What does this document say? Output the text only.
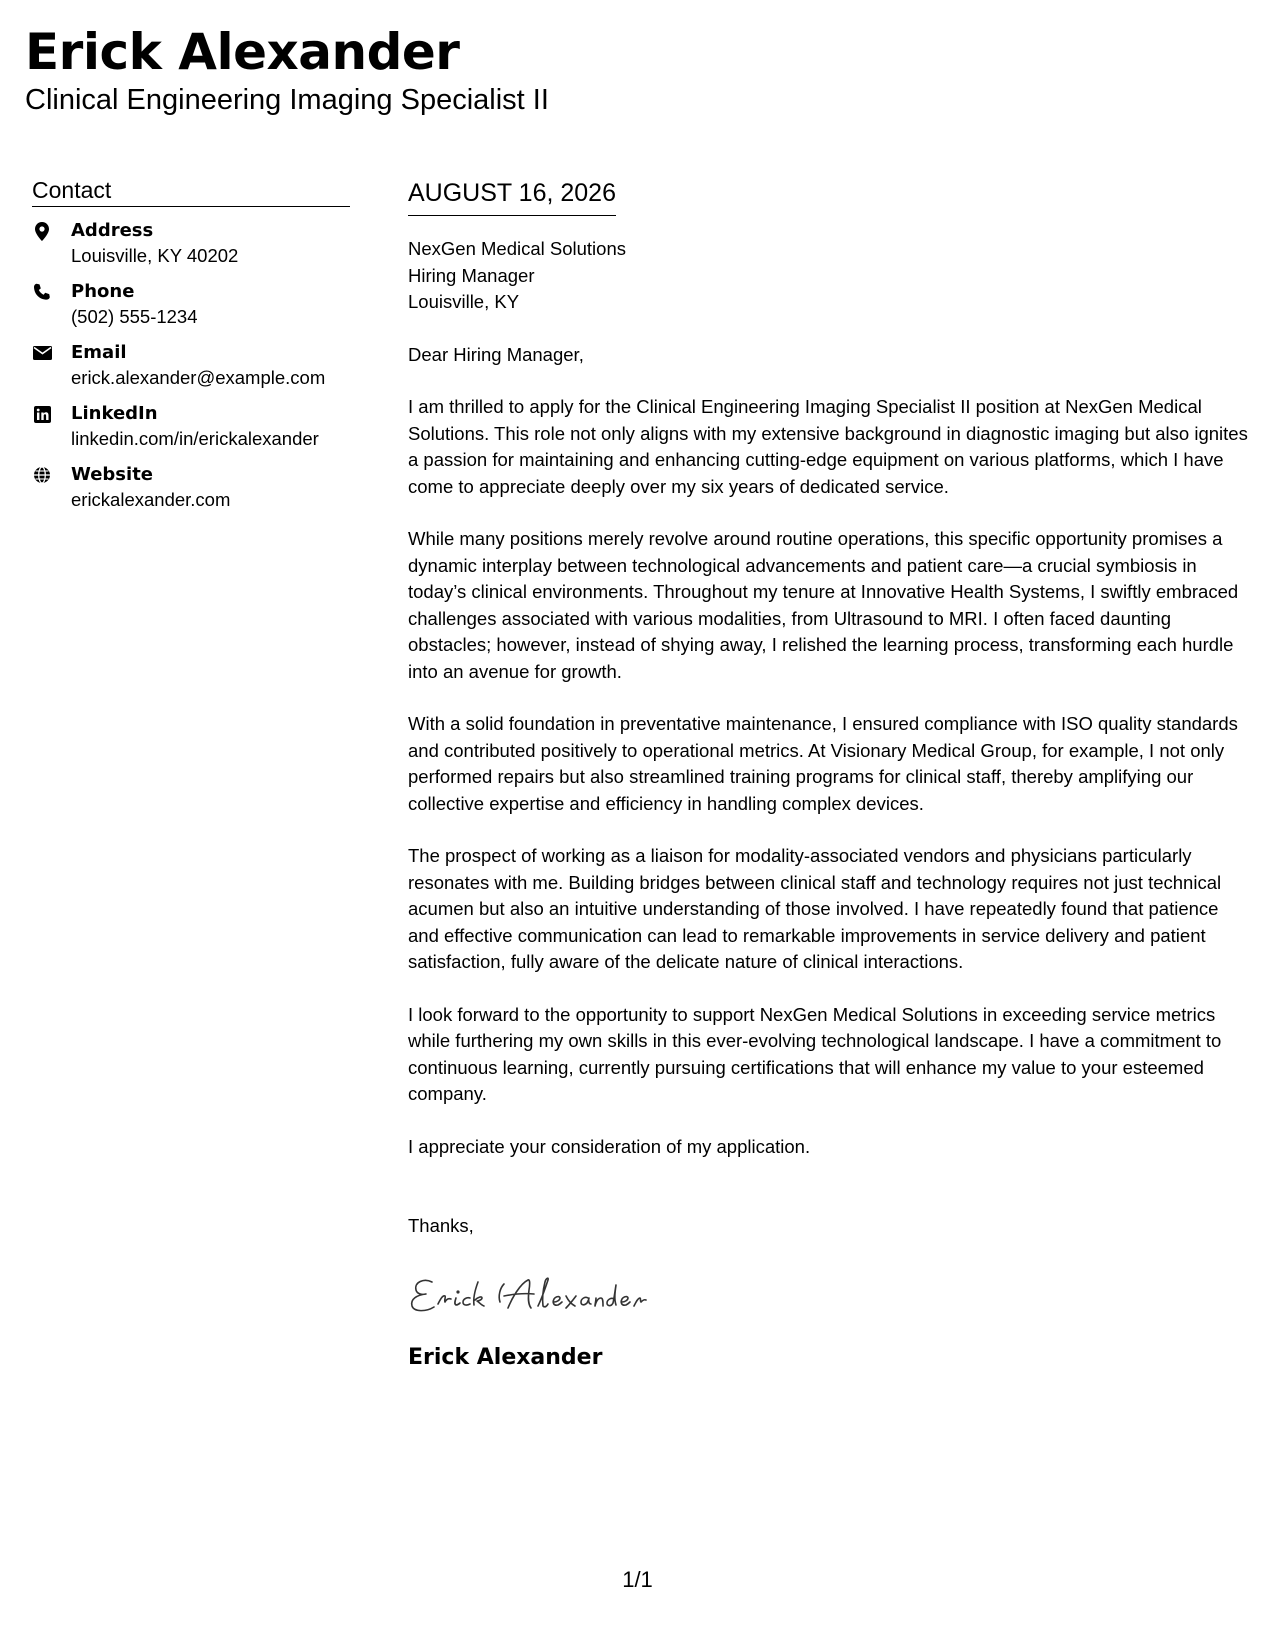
Erick Alexander
Clinical Engineering Imaging Specialist II
Contact
Address
Louisville, KY 40202
Phone
(502) 555-1234
Email
erick.alexander@example.com
LinkedIn
linkedin.com/in/erickalexander
Website
erickalexander.com
AUGUST 16, 2026
NexGen Medical Solutions
Hiring Manager
Louisville, KY
Dear Hiring Manager,

I am thrilled to apply for the Clinical Engineering Imaging Specialist II position at NexGen Medical Solutions. This role not only aligns with my extensive background in diagnostic imaging but also ignites a passion for maintaining and enhancing cutting-edge equipment on various platforms, which I have come to appreciate deeply over my six years of dedicated service.

While many positions merely revolve around routine operations, this specific opportunity promises a dynamic interplay between technological advancements and patient care—a crucial symbiosis in today’s clinical environments. Throughout my tenure at Innovative Health Systems, I swiftly embraced challenges associated with various modalities, from Ultrasound to MRI. I often faced daunting obstacles; however, instead of shying away, I relished the learning process, transforming each hurdle into an avenue for growth.

With a solid foundation in preventative maintenance, I ensured compliance with ISO quality standards and contributed positively to operational metrics. At Visionary Medical Group, for example, I not only performed repairs but also streamlined training programs for clinical staff, thereby amplifying our collective expertise and efficiency in handling complex devices.

The prospect of working as a liaison for modality-associated vendors and physicians particularly resonates with me. Building bridges between clinical staff and technology requires not just technical acumen but also an intuitive understanding of those involved. I have repeatedly found that patience and effective communication can lead to remarkable improvements in service delivery and patient satisfaction, fully aware of the delicate nature of clinical interactions.

I look forward to the opportunity to support NexGen Medical Solutions in exceeding service metrics while furthering my own skills in this ever-evolving technological landscape. I have a commitment to continuous learning, currently pursuing certifications that will enhance my value to your esteemed company.

I appreciate your consideration of my application.

Thanks,
Erick Alexander
1/1
